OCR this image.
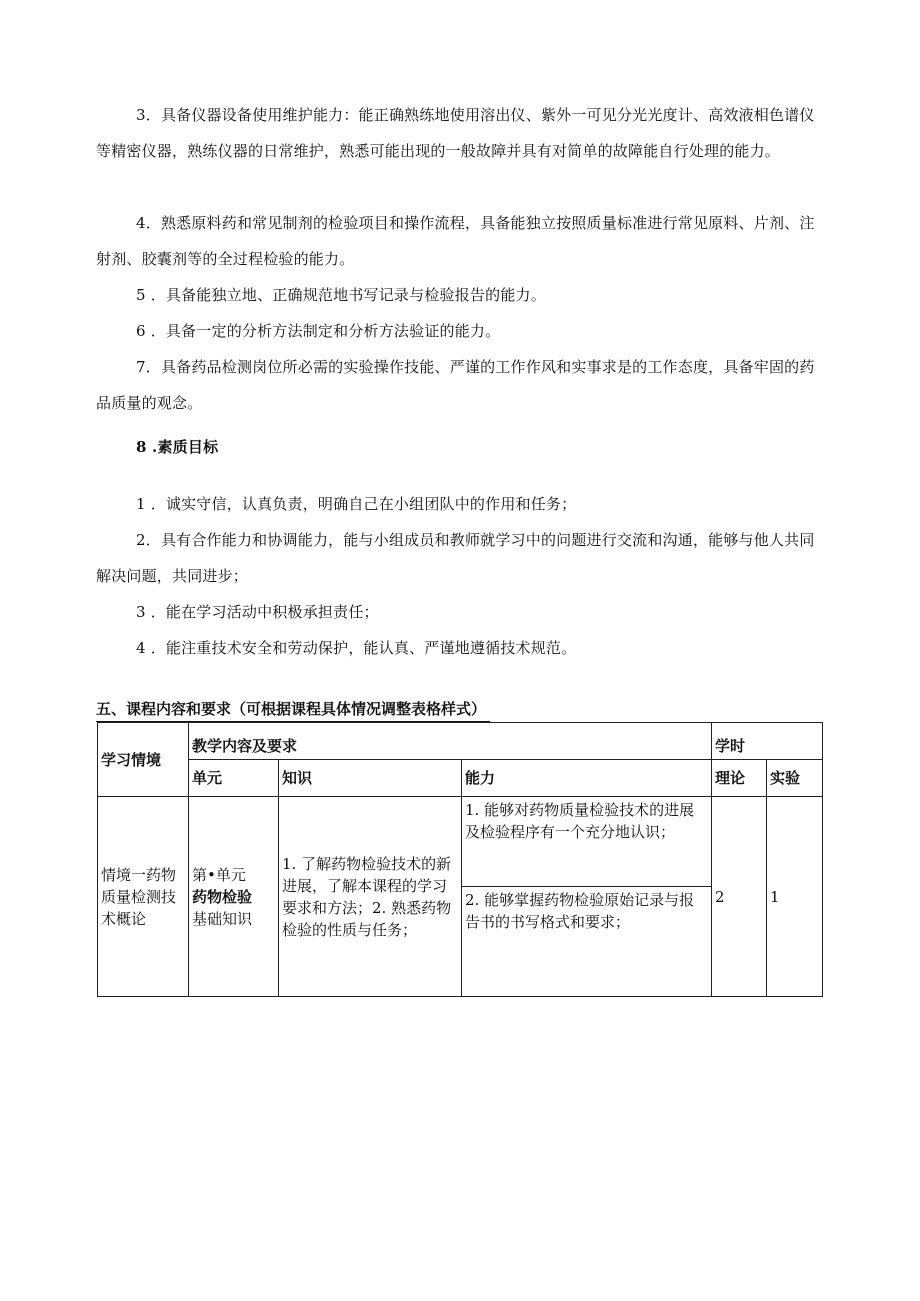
3．具备仪器设备使用维护能力：能正确熟练地使用溶出仪、紫外一可见分光光度计、高效液相色谱仪等精密仪器，熟练仪器的日常维护，熟悉可能出现的一般故障并具有对简单的故障能自行处理的能力。

4．熟悉原料药和常见制剂的检验项目和操作流程，具备能独立按照质量标准进行常见原料、片剂、注射剂、胶囊剂等的全过程检验的能力。

5 ．具备能独立地、正确规范地书写记录与检验报告的能力。

6 ．具备一定的分析方法制定和分析方法验证的能力。

7．具备药品检测岗位所必需的实验操作技能、严谨的工作作风和实事求是的工作态度，具备牢固的药品质量的观念。

8 .素质目标

1 ．诚实守信，认真负责，明确自己在小组团队中的作用和任务；

2．具有合作能力和协调能力，能与小组成员和教师就学习中的问题进行交流和沟通，能够与他人共同解决问题，共同进步；

3 ．能在学习活动中积极承担责任；

4 ．能注重技术安全和劳动保护，能认真、严谨地遵循技术规范。

五、课程内容和要求（可根据课程具体情况调整表格样式）

学习情境	教学内容及要求			学时	
	单元	知识	能力	理论	实验
情境一药物质量检测技术概论	第•单元
药物检验
基础知识	1. 了解药物检验技术的新进展，了解本课程的学习要求和方法；2. 熟悉药物检验的性质与任务；	1. 能够对药物质量检验技术的进展及检验程序有一个充分地认识；	2	1
			2. 能够掌握药物检验原始记录与报告书的书写格式和要求；		
